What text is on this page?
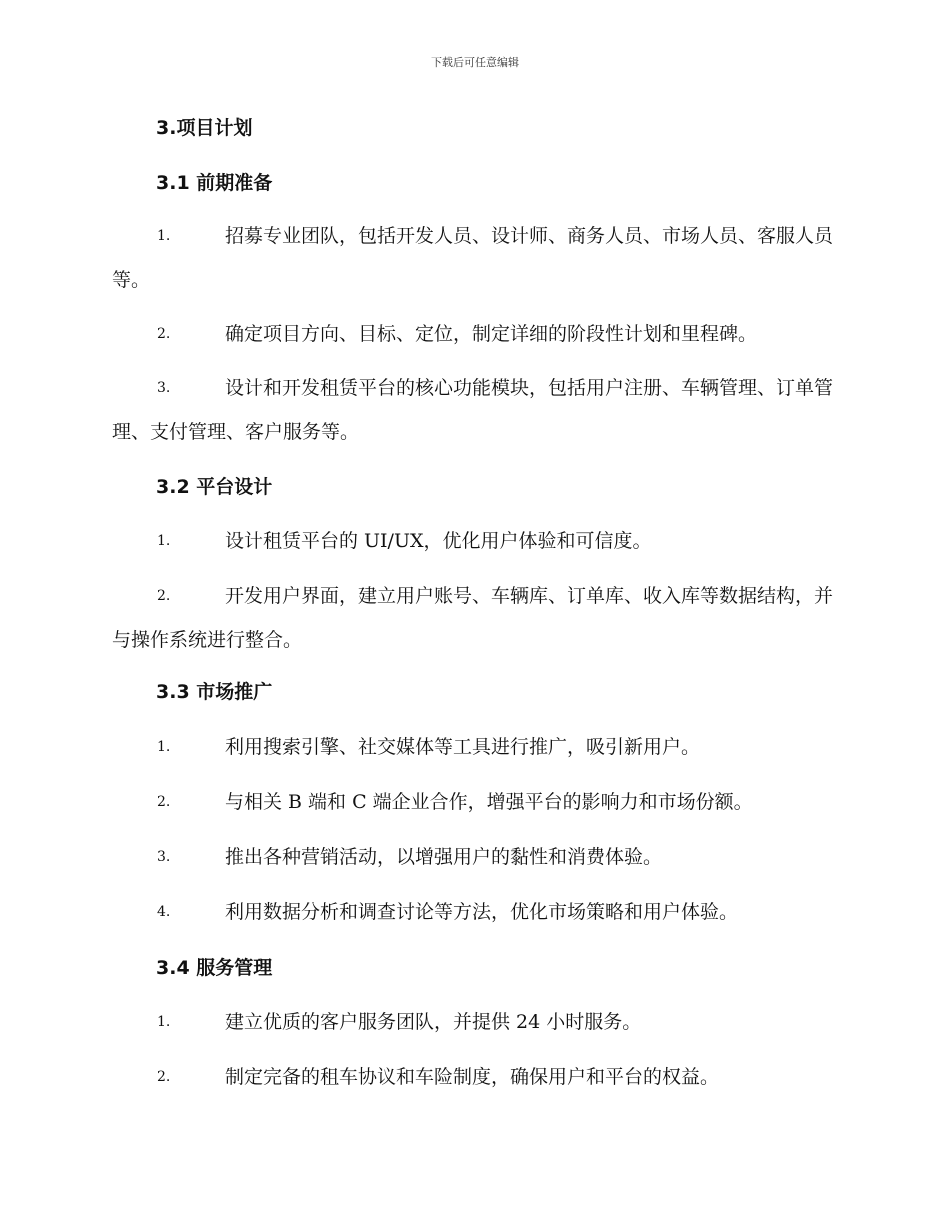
下载后可任意编辑
3.项目计划
3.1 前期准备
1.	招募专业团队，包括开发人员、设计师、商务人员、市场人员、客服人员等。
2.	确定项目方向、目标、定位，制定详细的阶段性计划和里程碑。
3.	设计和开发租赁平台的核心功能模块，包括用户注册、车辆管理、订单管理、支付管理、客户服务等。
3.2 平台设计
1.	设计租赁平台的 UI/UX，优化用户体验和可信度。
2.	开发用户界面，建立用户账号、车辆库、订单库、收入库等数据结构，并与操作系统进行整合。
3.3 市场推广
1.	利用搜索引擎、社交媒体等工具进行推广，吸引新用户。
2.	与相关 B 端和 C 端企业合作，增强平台的影响力和市场份额。
3.	推出各种营销活动，以增强用户的黏性和消费体验。
4.	利用数据分析和调查讨论等方法，优化市场策略和用户体验。
3.4 服务管理
1.	建立优质的客户服务团队，并提供 24 小时服务。
2.	制定完备的租车协议和车险制度，确保用户和平台的权益。
